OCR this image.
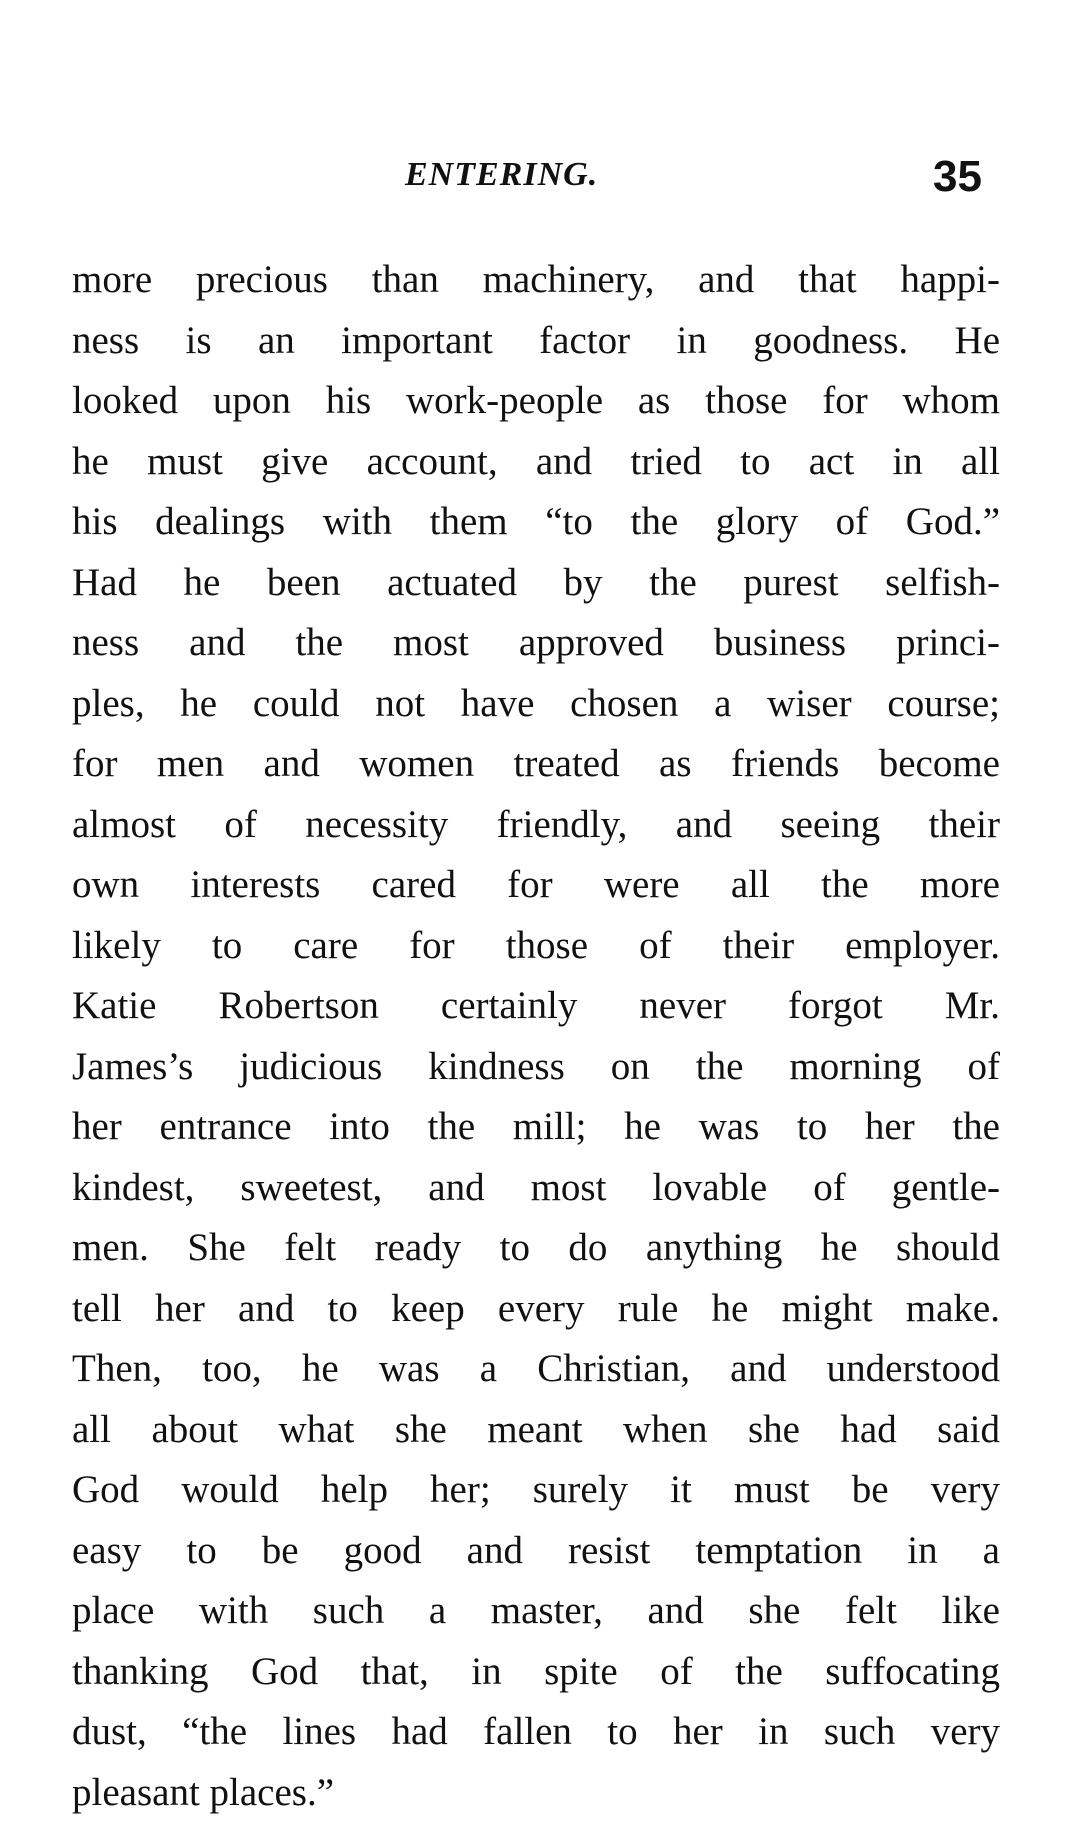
ENTERING.	35
more precious than machinery, and that happi-
ness is an important factor in goodness. He
looked upon his work-people as those for whom
he must give account, and tried to act in all
his dealings with them “to the glory of God.”
Had he been actuated by the purest selfish-
ness and the most approved business princi-
ples, he could not have chosen a wiser course;
for men and women treated as friends become
almost of necessity friendly, and seeing their
own interests cared for were all the more
likely to care for those of their employer.
Katie Robertson certainly never forgot Mr.
James’s judicious kindness on the morning of
her entrance into the mill; he was to her the
kindest, sweetest, and most lovable of gentle-
men. She felt ready to do anything he should
tell her and to keep every rule he might make.
Then, too, he was a Christian, and understood
all about what she meant when she had said
God would help her; surely it must be very
easy to be good and resist temptation in a
place with such a master, and she felt like
thanking God that, in spite of the suffocating
dust, “the lines had fallen to her in such very
pleasant places.”
